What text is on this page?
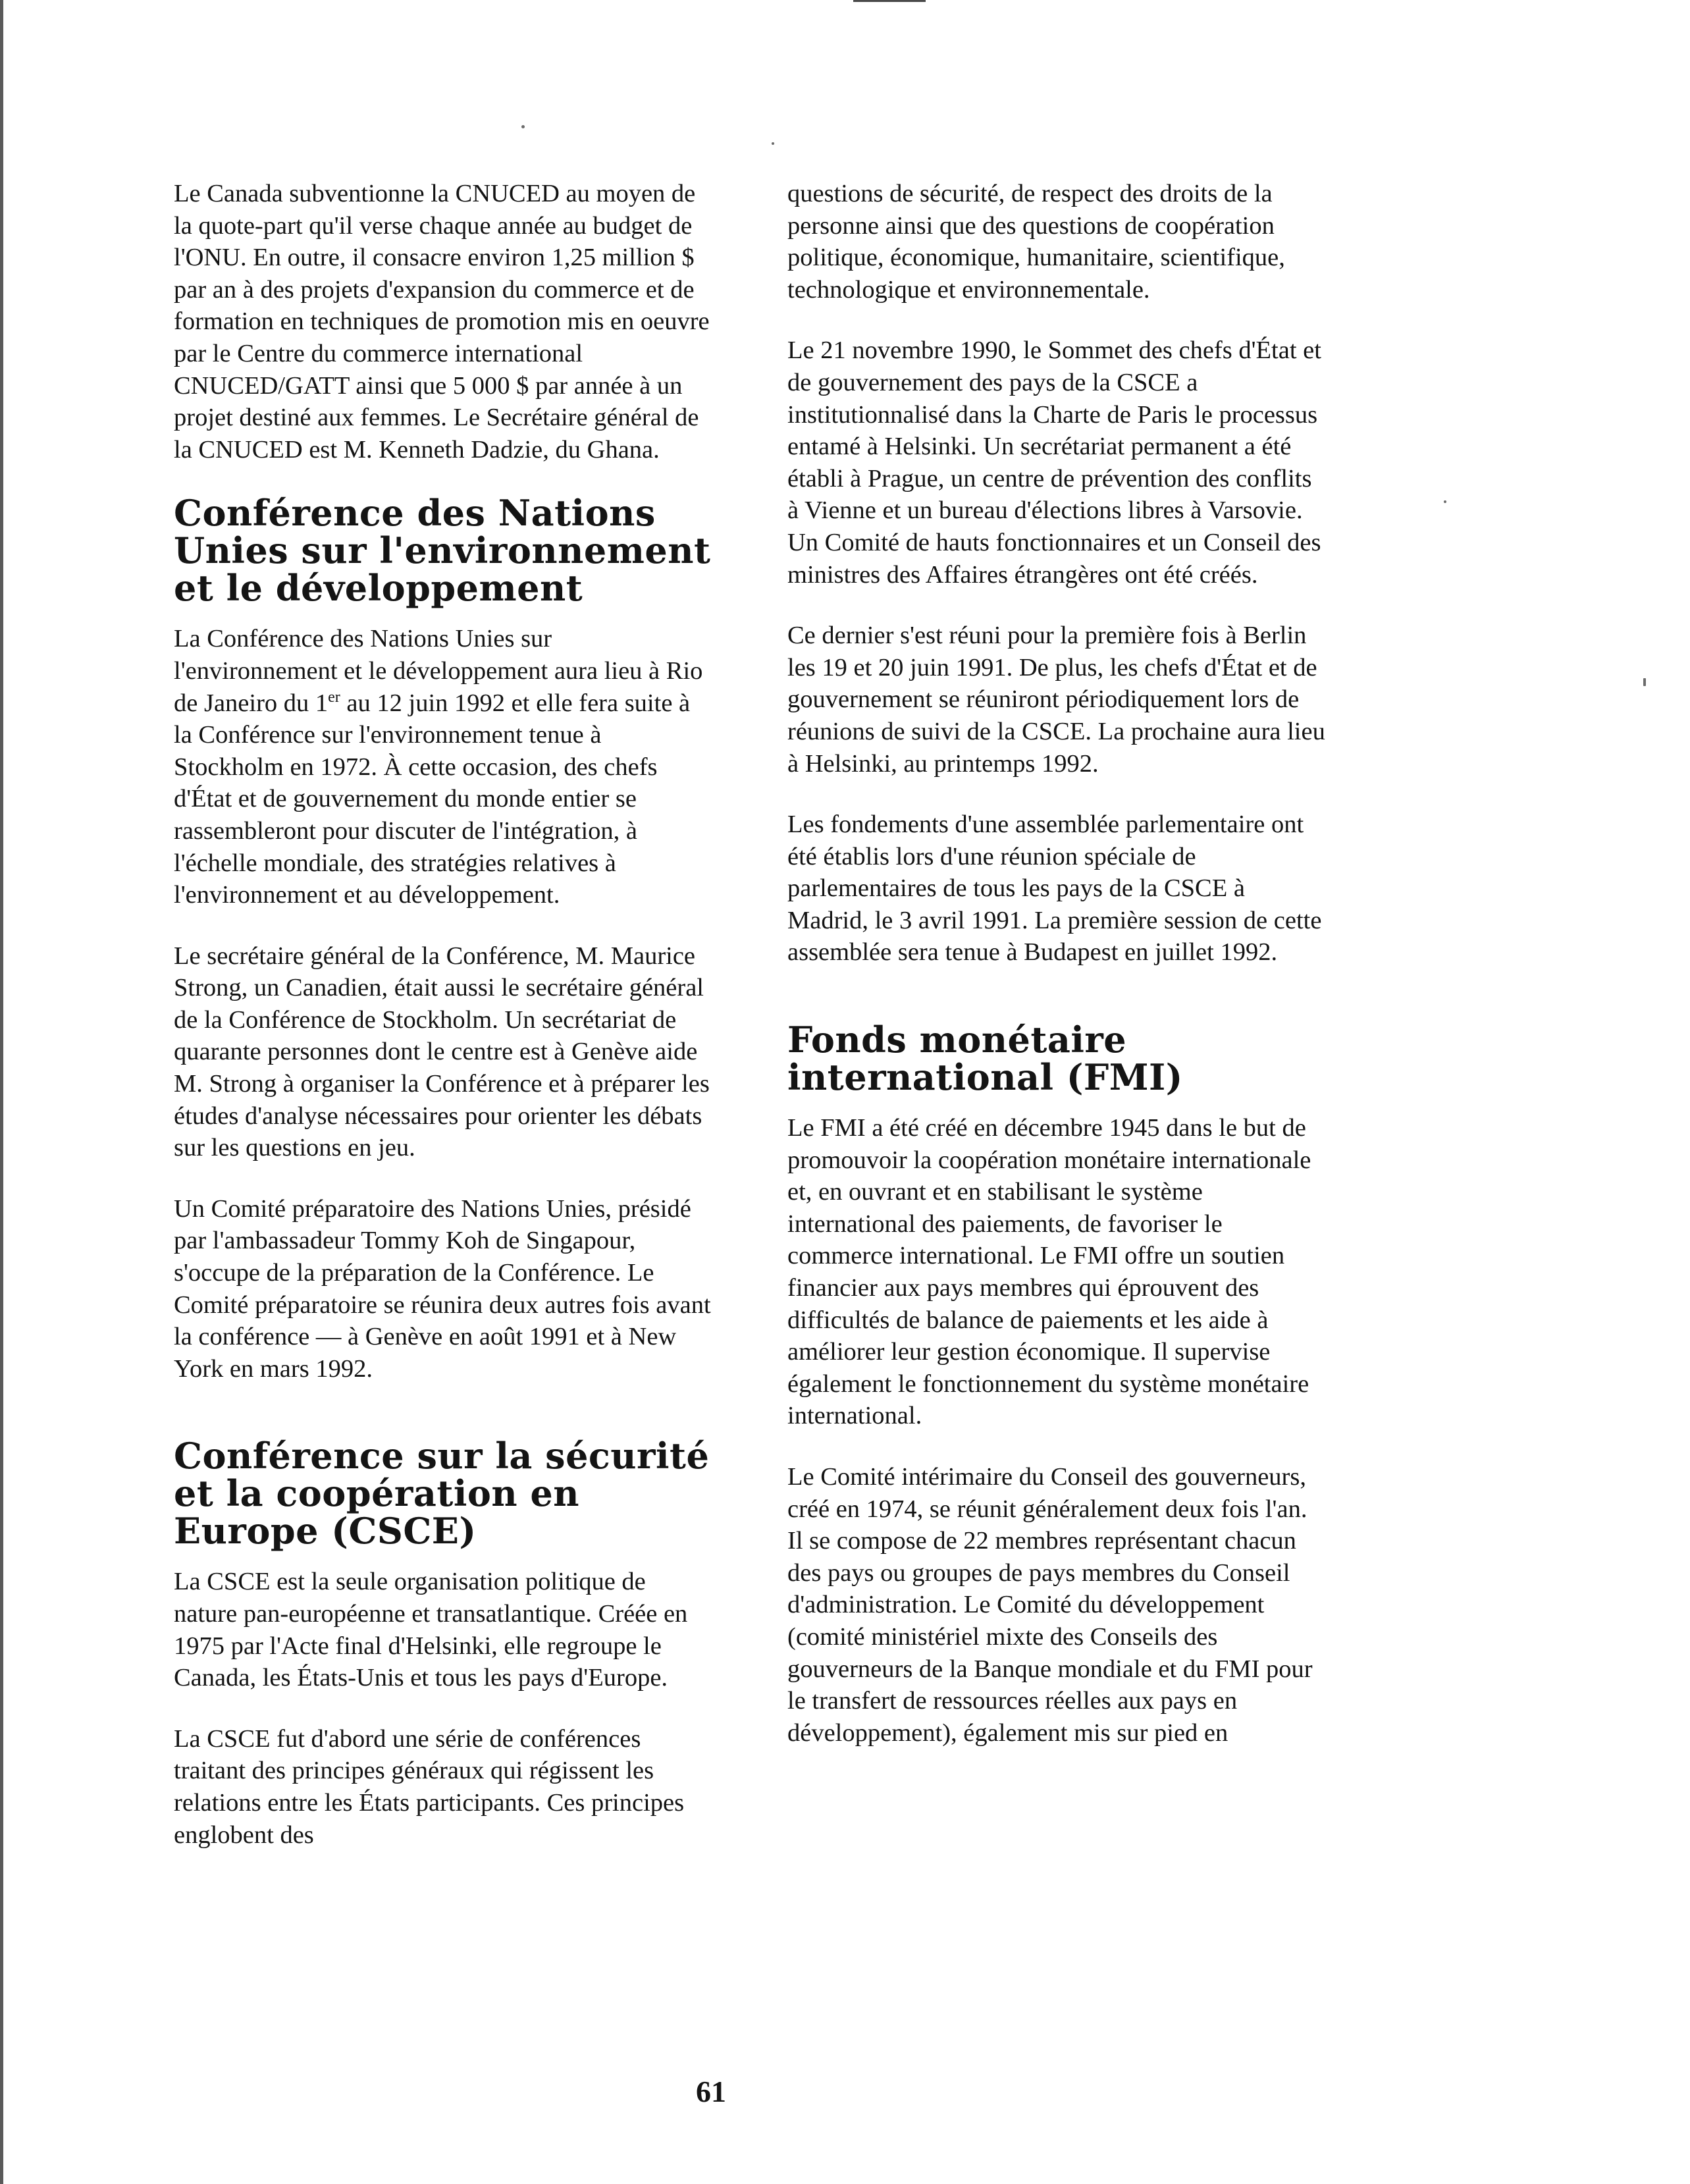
Le Canada subventionne la CNUCED au moyen de la quote-part qu'il verse chaque année au budget de l'ONU. En outre, il consacre environ 1,25 million $ par an à des projets d'expansion du commerce et de formation en techniques de promotion mis en oeuvre par le Centre du commerce international CNUCED/GATT ainsi que 5 000 $ par année à un projet destiné aux femmes. Le Secrétaire général de la CNUCED est M. Kenneth Dadzie, du Ghana.

Conférence des Nations Unies sur l'environnement et le développement

La Conférence des Nations Unies sur l'environnement et le développement aura lieu à Rio de Janeiro du 1er au 12 juin 1992 et elle fera suite à la Conférence sur l'environnement tenue à Stockholm en 1972. À cette occasion, des chefs d'État et de gouvernement du monde entier se rassembleront pour discuter de l'intégration, à l'échelle mondiale, des stratégies relatives à l'environnement et au développement.

Le secrétaire général de la Conférence, M. Maurice Strong, un Canadien, était aussi le secrétaire général de la Conférence de Stockholm. Un secrétariat de quarante personnes dont le centre est à Genève aide M. Strong à organiser la Conférence et à préparer les études d'analyse nécessaires pour orienter les débats sur les questions en jeu.

Un Comité préparatoire des Nations Unies, présidé par l'ambassadeur Tommy Koh de Singapour, s'occupe de la préparation de la Conférence. Le Comité préparatoire se réunira deux autres fois avant la conférence — à Genève en août 1991 et à New York en mars 1992.

Conférence sur la sécurité et la coopération en Europe (CSCE)

La CSCE est la seule organisation politique de nature pan-européenne et transatlantique. Créée en 1975 par l'Acte final d'Helsinki, elle regroupe le Canada, les États-Unis et tous les pays d'Europe.

La CSCE fut d'abord une série de conférences traitant des principes généraux qui régissent les relations entre les États participants. Ces principes englobent des

questions de sécurité, de respect des droits de la personne ainsi que des questions de coopération politique, économique, humanitaire, scientifique, technologique et environnementale.

Le 21 novembre 1990, le Sommet des chefs d'État et de gouvernement des pays de la CSCE a institutionnalisé dans la Charte de Paris le processus entamé à Helsinki. Un secrétariat permanent a été établi à Prague, un centre de prévention des conflits à Vienne et un bureau d'élections libres à Varsovie. Un Comité de hauts fonctionnaires et un Conseil des ministres des Affaires étrangères ont été créés.

Ce dernier s'est réuni pour la première fois à Berlin les 19 et 20 juin 1991. De plus, les chefs d'État et de gouvernement se réuniront périodiquement lors de réunions de suivi de la CSCE. La prochaine aura lieu à Helsinki, au printemps 1992.

Les fondements d'une assemblée parlementaire ont été établis lors d'une réunion spéciale de parlementaires de tous les pays de la CSCE à Madrid, le 3 avril 1991. La première session de cette assemblée sera tenue à Budapest en juillet 1992.

Fonds monétaire international (FMI)

Le FMI a été créé en décembre 1945 dans le but de promouvoir la coopération monétaire internationale et, en ouvrant et en stabilisant le système international des paiements, de favoriser le commerce international. Le FMI offre un soutien financier aux pays membres qui éprouvent des difficultés de balance de paiements et les aide à améliorer leur gestion économique. Il supervise également le fonctionnement du système monétaire international.

Le Comité intérimaire du Conseil des gouverneurs, créé en 1974, se réunit généralement deux fois l'an. Il se compose de 22 membres représentant chacun des pays ou groupes de pays membres du Conseil d'administration. Le Comité du développement (comité ministériel mixte des Conseils des gouverneurs de la Banque mondiale et du FMI pour le transfert de ressources réelles aux pays en développement), également mis sur pied en

61
